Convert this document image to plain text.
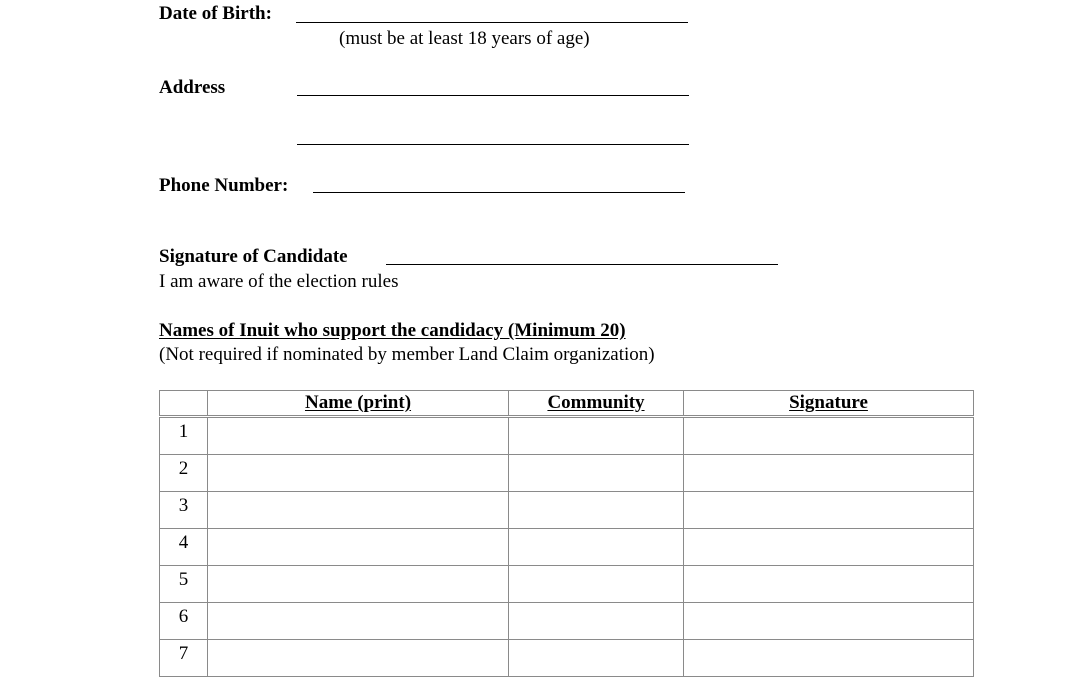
Date of Birth:
(must be at least 18 years of age)
Address
Phone Number:
Signature of Candidate
I am aware of the election rules
Names of Inuit who support the candidacy (Minimum 20)
(Not required if nominated by member Land Claim organization)
	Name (print)	Community	Signature
1			
2			
3			
4			
5			
6			
7			
